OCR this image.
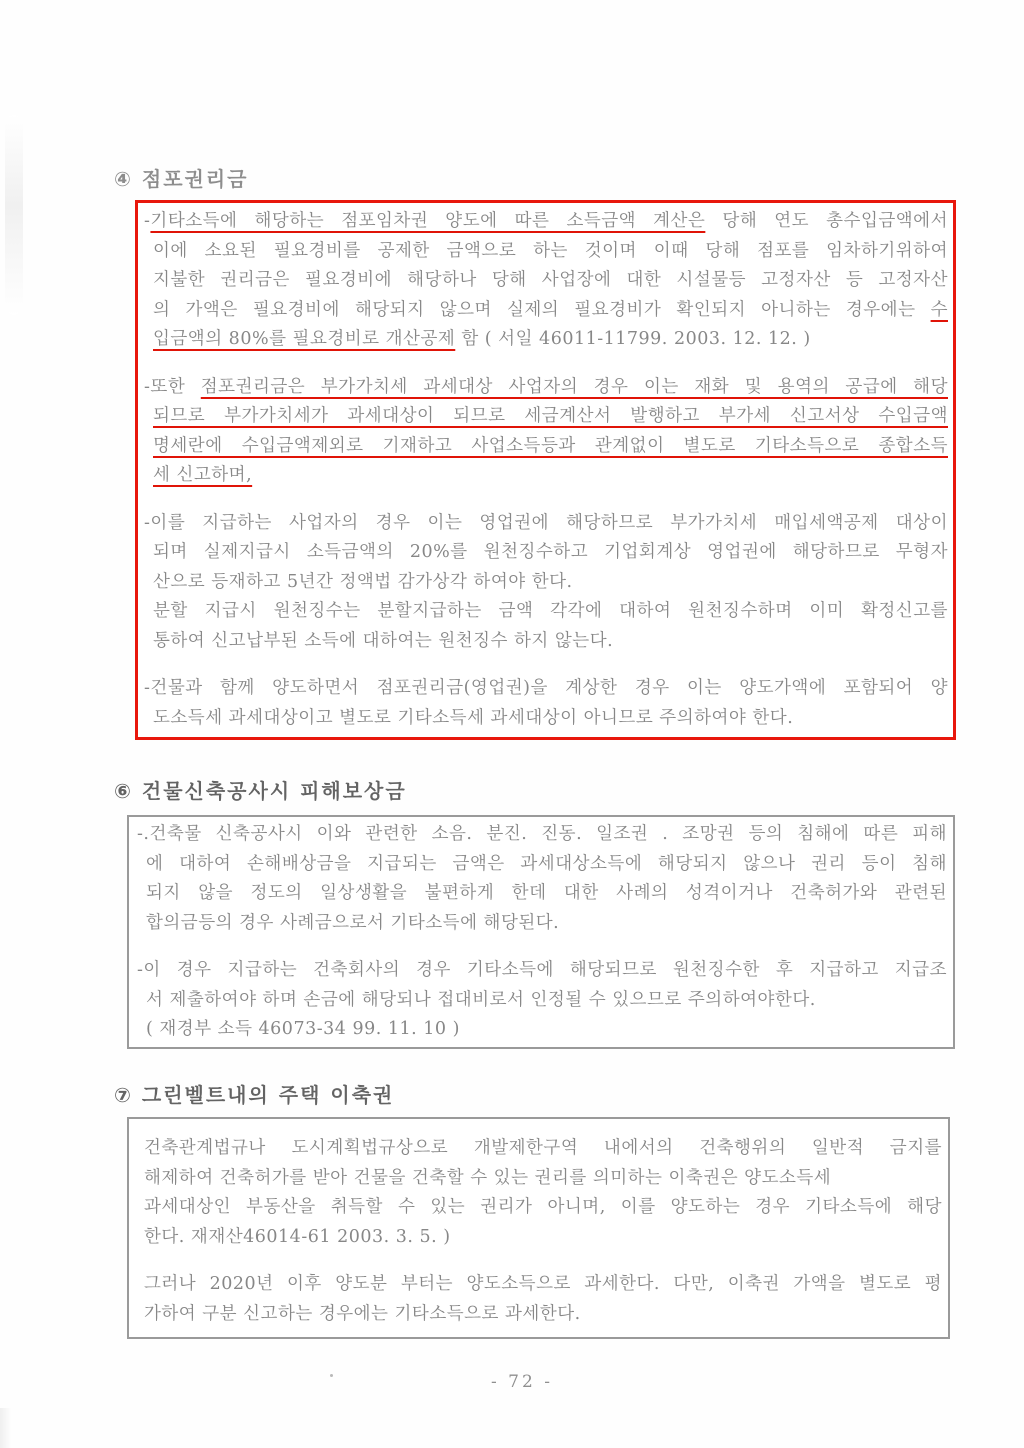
④ 점포권리금
-기타소득에 해당하는 점포임차권 양도에 따른 소득금액 계산은 당해 연도 총수입금액에서
이에 소요된 필요경비를 공제한 금액으로 하는 것이며 이때 당해 점포를 임차하기위하여
지불한 권리금은 필요경비에 해당하나 당해 사업장에 대한 시설물등 고정자산 등 고정자산
의 가액은 필요경비에 해당되지 않으며 실제의 필요경비가 확인되지 아니하는 경우에는 수
입금액의 80%를 필요경비로 개산공제 함 ( 서일 46011-11799. 2003. 12. 12. )
-또한 점포권리금은 부가가치세 과세대상 사업자의 경우 이는 재화 및 용역의 공급에 해당
되므로 부가가치세가 과세대상이 되므로 세금계산서 발행하고 부가세 신고서상 수입금액
명세란에 수입금액제외로 기재하고 사업소득등과 관계없이 별도로 기타소득으로 종합소득
세 신고하며,
-이를 지급하는 사업자의 경우 이는 영업권에 해당하므로 부가가치세 매입세액공제 대상이
되며 실제지급시 소득금액의 20%를 원천징수하고 기업회계상 영업권에 해당하므로 무형자
산으로 등재하고 5년간 정액법 감가상각 하여야 한다.
분할 지급시 원천징수는 분할지급하는 금액 각각에 대하여 원천징수하며 이미 확정신고를
통하여 신고납부된 소득에 대하여는 원천징수 하지 않는다.
-건물과 함께 양도하면서 점포권리금(영업권)을 계상한 경우 이는 양도가액에 포함되어 양
도소득세 과세대상이고 별도로 기타소득세 과세대상이 아니므로 주의하여야 한다.
⑥ 건물신축공사시 피해보상금
-.건축물 신축공사시 이와 관련한 소음. 분진. 진동. 일조권 . 조망권 등의 침해에 따른 피해
에 대하여 손해배상금을 지급되는 금액은 과세대상소득에 해당되지 않으나 권리 등이 침해
되지 않을 정도의 일상생활을 불편하게 한데 대한 사례의 성격이거나 건축허가와 관련된
합의금등의 경우 사례금으로서 기타소득에 해당된다.
-이 경우 지급하는 건축회사의 경우 기타소득에 해당되므로 원천징수한 후 지급하고 지급조
서 제출하여야 하며 손금에 해당되나 접대비로서 인정될 수 있으므로 주의하여야한다.
( 재경부 소득 46073-34 99. 11. 10 )
⑦ 그린벨트내의 주택 이축권
건축관계법규나 도시계획법규상으로 개발제한구역 내에서의 건축행위의 일반적 금지를
해제하여 건축허가를 받아 건물을 건축할 수 있는 권리를 의미하는 이축권은 양도소득세
과세대상인 부동산을 취득할 수 있는 권리가 아니며, 이를 양도하는 경우 기타소득에 해당
한다. 재재산46014-61 2003. 3. 5. )
그러나 2020년 이후 양도분 부터는 양도소득으로 과세한다. 다만, 이축권 가액을 별도로 평
가하여 구분 신고하는 경우에는 기타소득으로 과세한다.
- 72 -
